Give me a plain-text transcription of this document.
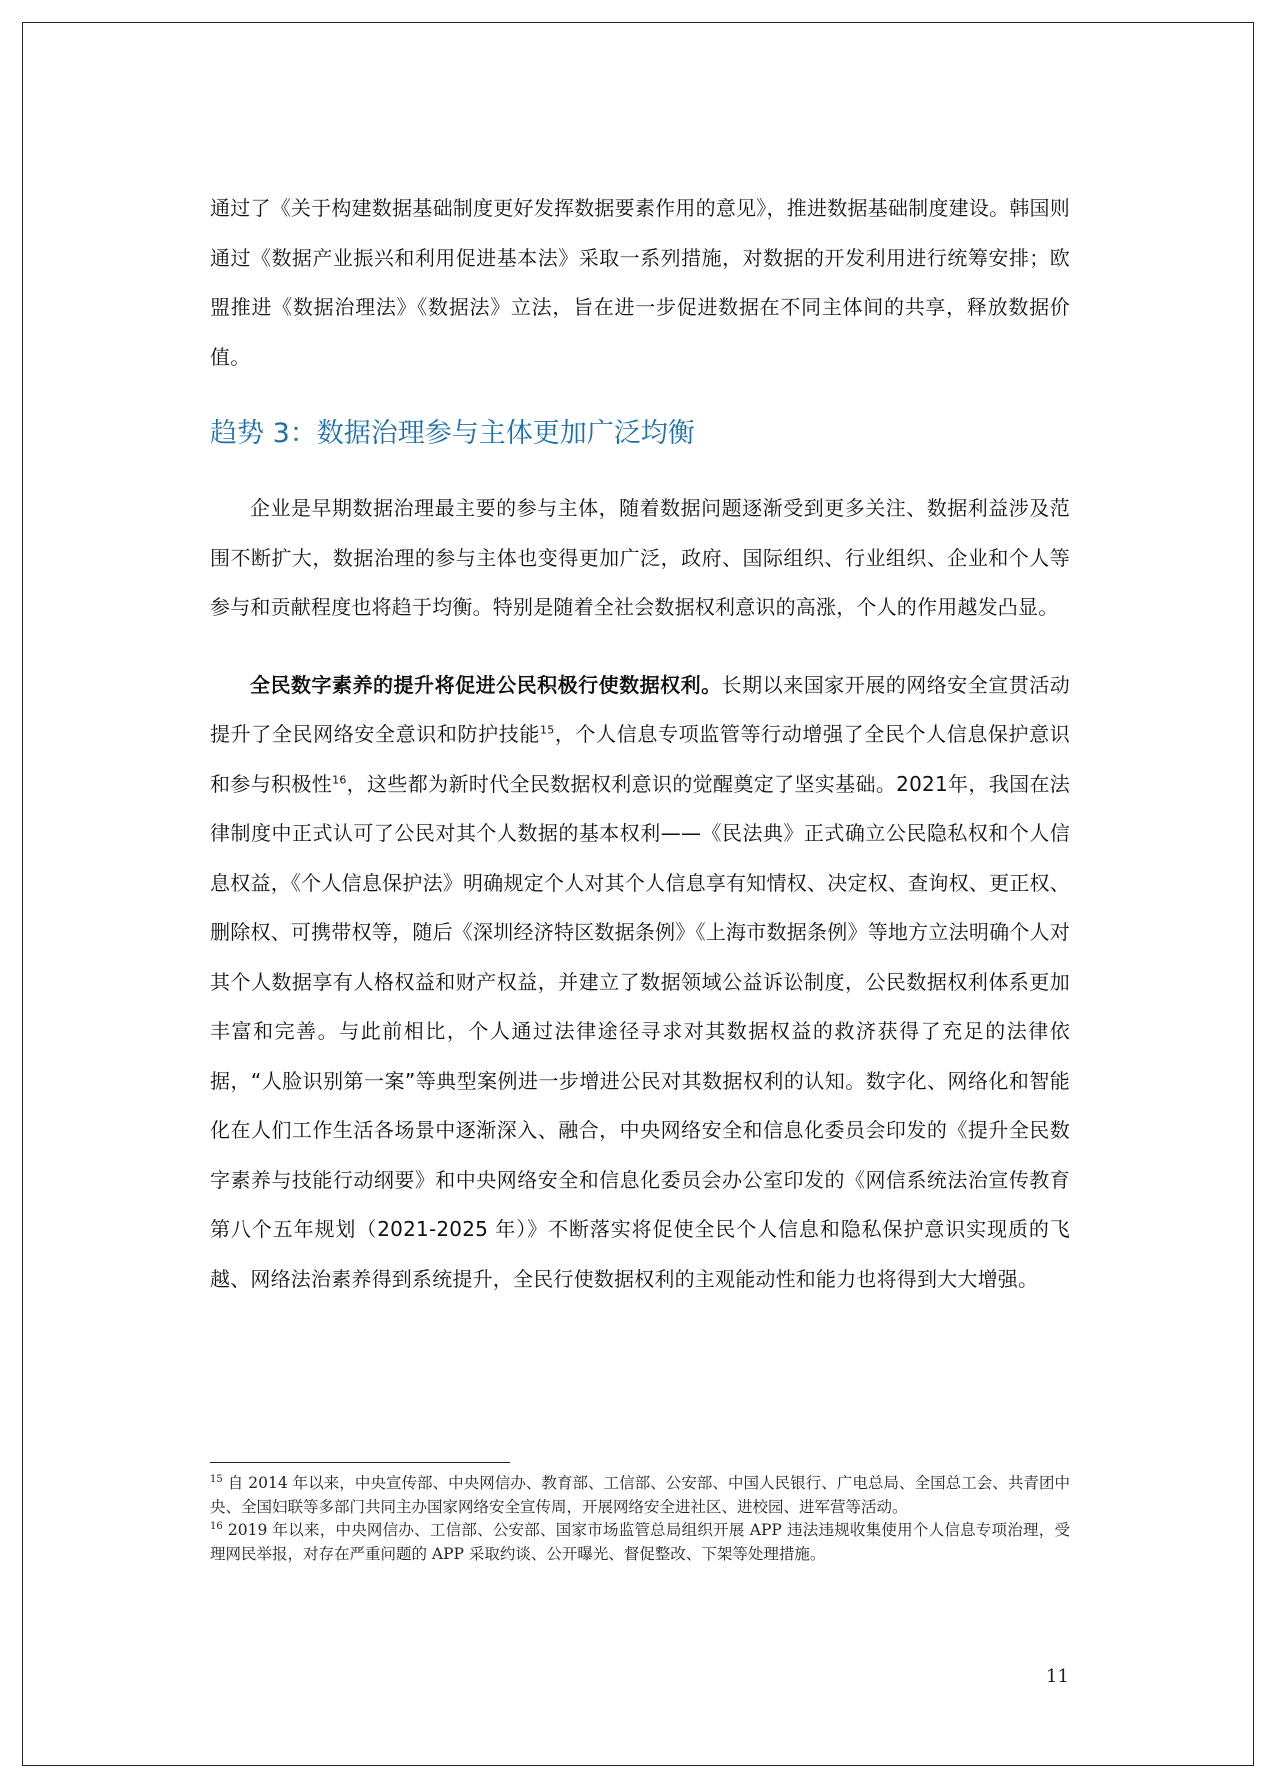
通过了《关于构建数据基础制度更好发挥数据要素作用的意见》，推进数据基础制度建设。韩国则通过《数据产业振兴和利用促进基本法》采取一系列措施，对数据的开发利用进行统筹安排；欧盟推进《数据治理法》《数据法》立法，旨在进一步促进数据在不同主体间的共享，释放数据价值。

趋势 3：数据治理参与主体更加广泛均衡

企业是早期数据治理最主要的参与主体，随着数据问题逐渐受到更多关注、数据利益涉及范围不断扩大，数据治理的参与主体也变得更加广泛，政府、国际组织、行业组织、企业和个人等参与和贡献程度也将趋于均衡。特别是随着全社会数据权利意识的高涨，个人的作用越发凸显。

全民数字素养的提升将促进公民积极行使数据权利。长期以来国家开展的网络安全宣贯活动提升了全民网络安全意识和防护技能$^{15}$，个人信息专项监管等行动增强了全民个人信息保护意识和参与积极性$^{16}$，这些都为新时代全民数据权利意识的觉醒奠定了坚实基础。2021年，我国在法律制度中正式认可了公民对其个人数据的基本权利——《民法典》正式确立公民隐私权和个人信息权益，《个人信息保护法》明确规定个人对其个人信息享有知情权、决定权、查询权、更正权、删除权、可携带权等，随后《深圳经济特区数据条例》《上海市数据条例》等地方立法明确个人对其个人数据享有人格权益和财产权益，并建立了数据领域公益诉讼制度，公民数据权利体系更加丰富和完善。与此前相比，个人通过法律途径寻求对其数据权益的救济获得了充足的法律依据，“人脸识别第一案”等典型案例进一步增进公民对其数据权利的认知。数字化、网络化和智能化在人们工作生活各场景中逐渐深入、融合，中央网络安全和信息化委员会印发的《提升全民数字素养与技能行动纲要》和中央网络安全和信息化委员会办公室印发的《网信系统法治宣传教育第八个五年规划（2021-2025 年）》不断落实将促使全民个人信息和隐私保护意识实现质的飞越、网络法治素养得到系统提升，全民行使数据权利的主观能动性和能力也将得到大大增强。

$^{15}$ 自 2014 年以来，中央宣传部、中央网信办、教育部、工信部、公安部、中国人民银行、广电总局、全国总工会、共青团中央、全国妇联等多部门共同主办国家网络安全宣传周，开展网络安全进社区、进校园、进军营等活动。

$^{16}$ 2019 年以来，中央网信办、工信部、公安部、国家市场监管总局组织开展 APP 违法违规收集使用个人信息专项治理，受理网民举报，对存在严重问题的 APP 采取约谈、公开曝光、督促整改、下架等处理措施。

11
